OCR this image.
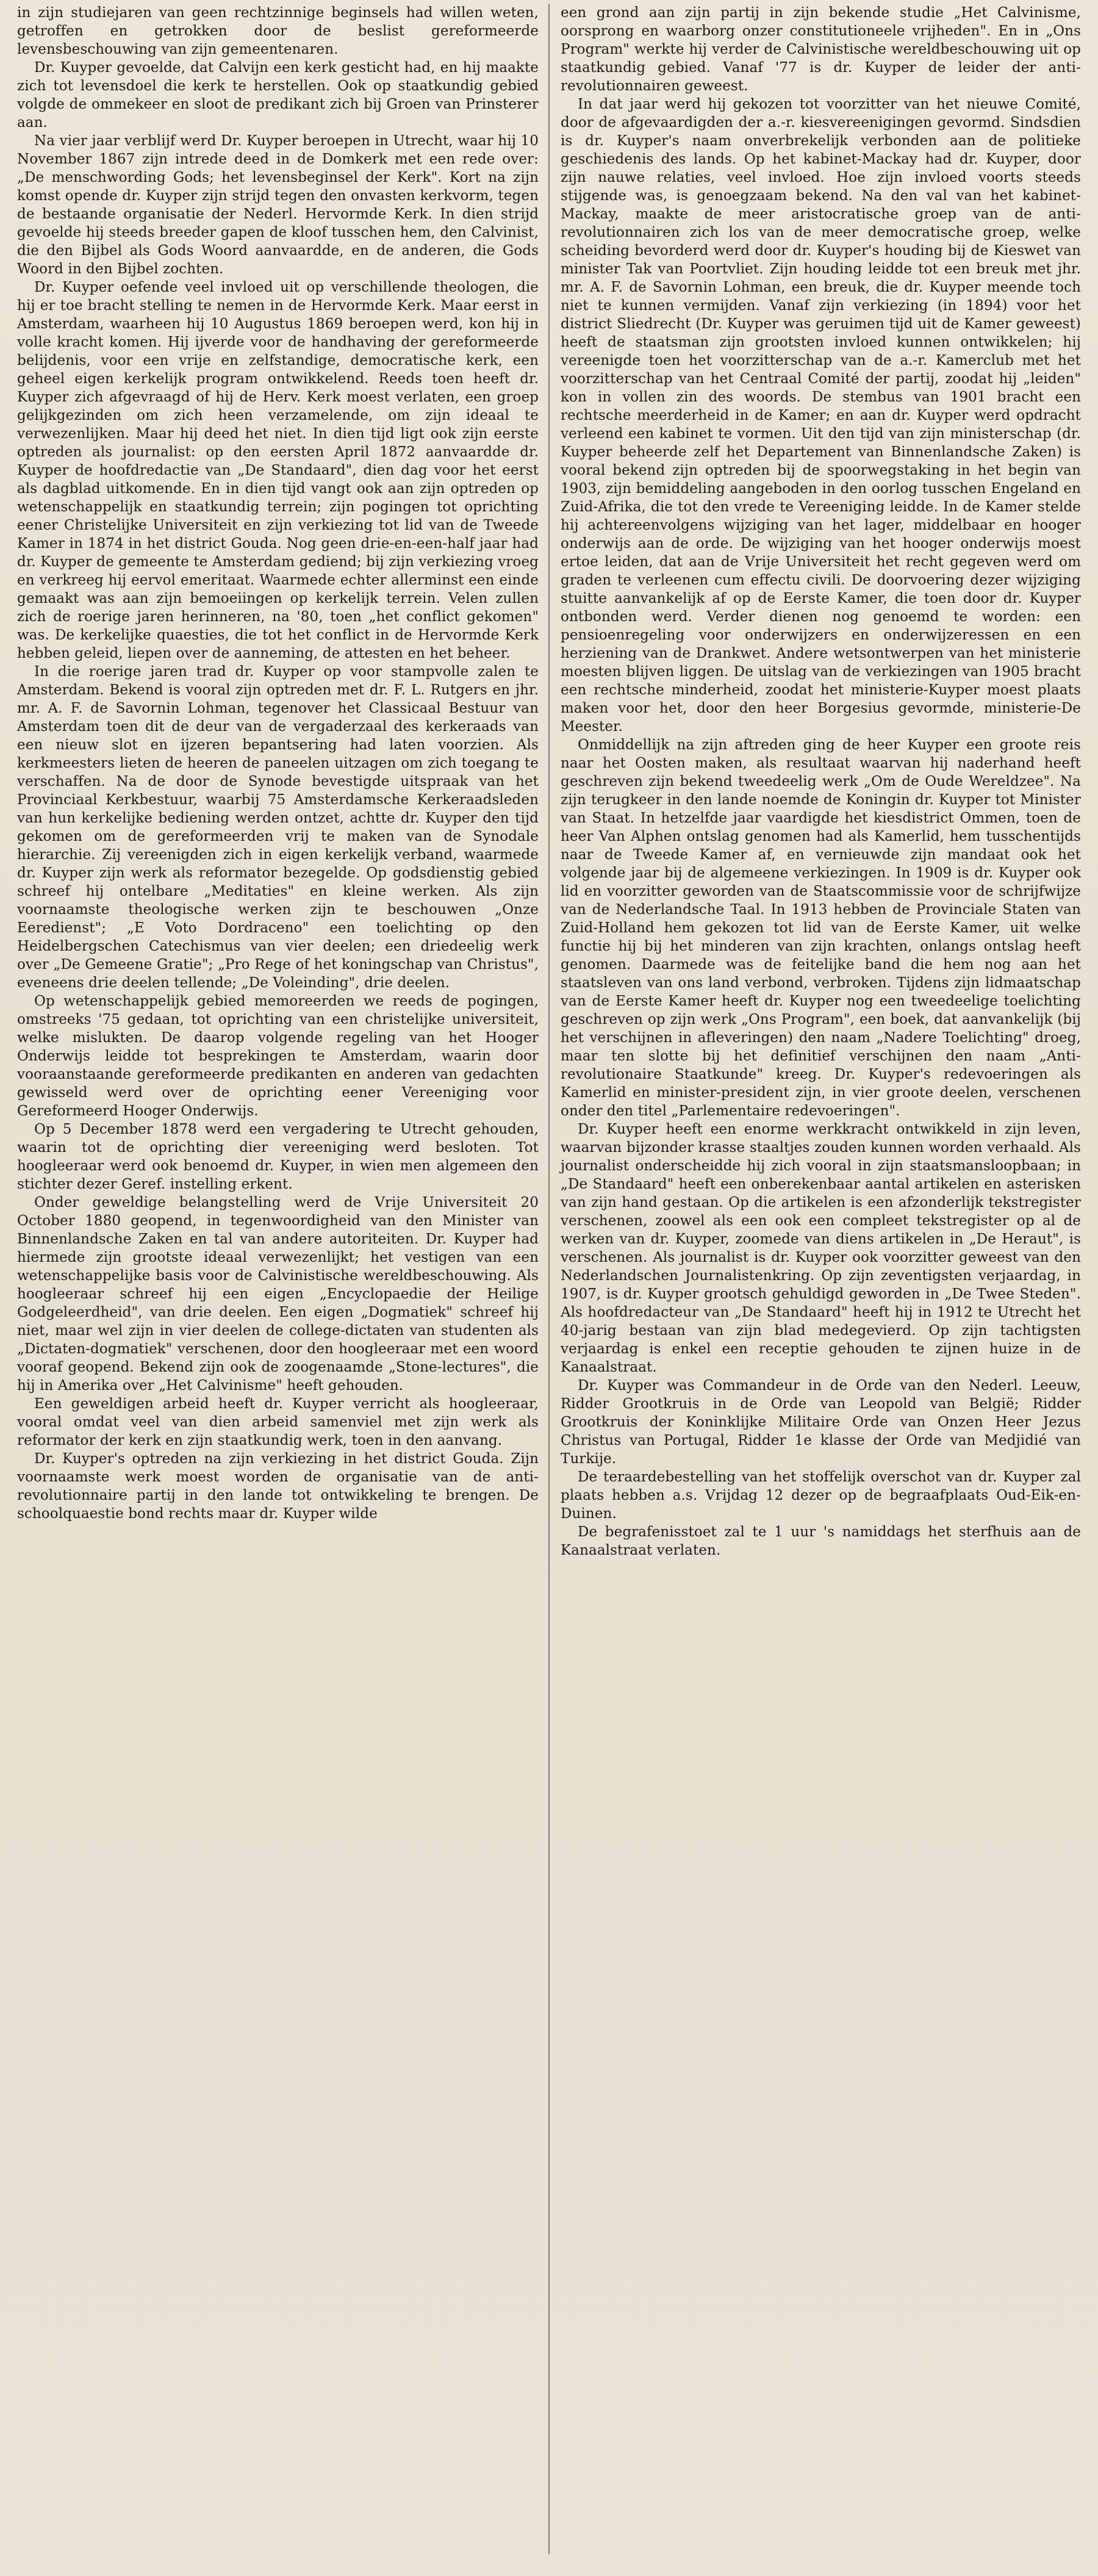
in zijn studiejaren van geen rechtzinnige beginsels had willen weten, getroffen en getrokken door de beslist gereformeerde levensbeschouwing van zijn gemeentenaren.

Dr. Kuyper gevoelde, dat Calvijn een kerk gesticht had, en hij maakte zich tot levensdoel die kerk te herstellen. Ook op staatkundig gebied volgde de ommekeer en sloot de predikant zich bij Groen van Prinsterer aan.

Na vier jaar verblijf werd Dr. Kuyper beroepen in Utrecht, waar hij 10 November 1867 zijn intrede deed in de Domkerk met een rede over: „De menschwording Gods; het levensbeginsel der Kerk". Kort na zijn komst opende dr. Kuyper zijn strijd tegen den onvasten kerkvorm, tegen de bestaande organisatie der Nederl. Hervormde Kerk. In dien strijd gevoelde hij steeds breeder gapen de kloof tusschen hem, den Calvinist, die den Bijbel als Gods Woord aanvaardde, en de anderen, die Gods Woord in den Bijbel zochten.

Dr. Kuyper oefende veel invloed uit op verschillende theologen, die hij er toe bracht stelling te nemen in de Hervormde Kerk. Maar eerst in Amsterdam, waarheen hij 10 Augustus 1869 beroepen werd, kon hij in volle kracht komen. Hij ijverde voor de handhaving der gereformeerde belijdenis, voor een vrije en zelfstandige, democratische kerk, een geheel eigen kerkelijk program ontwikkelend. Reeds toen heeft dr. Kuyper zich afgevraagd of hij de Herv. Kerk moest verlaten, een groep gelijkgezinden om zich heen verzamelende, om zijn ideaal te verwezenlijken. Maar hij deed het niet. In dien tijd ligt ook zijn eerste optreden als journalist: op den eersten April 1872 aanvaardde dr. Kuyper de hoofdredactie van „De Standaard", dien dag voor het eerst als dagblad uitkomende. En in dien tijd vangt ook aan zijn optreden op wetenschappelijk en staatkundig terrein; zijn pogingen tot oprichting eener Christelijke Universiteit en zijn verkiezing tot lid van de Tweede Kamer in 1874 in het district Gouda. Nog geen drie-en-een-half jaar had dr. Kuyper de gemeente te Amsterdam gediend; bij zijn verkiezing vroeg en verkreeg hij eervol emeritaat. Waarmede echter allerminst een einde gemaakt was aan zijn bemoeiingen op kerkelijk terrein. Velen zullen zich de roerige jaren herinneren, na '80, toen „het conflict gekomen" was. De kerkelijke quaesties, die tot het conflict in de Hervormde Kerk hebben geleid, liepen over de aanneming, de attesten en het beheer.

In die roerige jaren trad dr. Kuyper op voor stampvolle zalen te Amsterdam. Bekend is vooral zijn optreden met dr. F. L. Rutgers en jhr. mr. A. F. de Savornin Lohman, tegenover het Classicaal Bestuur van Amsterdam toen dit de deur van de vergaderzaal des kerkeraads van een nieuw slot en ijzeren bepantsering had laten voorzien. Als kerkmeesters lieten de heeren de paneelen uitzagen om zich toegang te verschaffen. Na de door de Synode bevestigde uitspraak van het Provinciaal Kerkbestuur, waarbij 75 Amsterdamsche Kerkeraadsleden van hun kerkelijke bediening werden ontzet, achtte dr. Kuyper den tijd gekomen om de gereformeerden vrij te maken van de Synodale hierarchie. Zij vereenigden zich in eigen kerkelijk verband, waarmede dr. Kuyper zijn werk als reformator bezegelde. Op godsdienstig gebied schreef hij ontelbare „Meditaties" en kleine werken. Als zijn voornaamste theologische werken zijn te beschouwen „Onze Eeredienst"; „E Voto Dordraceno" een toelichting op den Heidelbergschen Catechismus van vier deelen; een driedeelig werk over „De Gemeene Gratie"; „Pro Rege of het koningschap van Christus", eveneens drie deelen tellende; „De Voleinding", drie deelen.

Op wetenschappelijk gebied memoreerden we reeds de pogingen, omstreeks '75 gedaan, tot oprichting van een christelijke universiteit, welke mislukten. De daarop volgende regeling van het Hooger Onderwijs leidde tot besprekingen te Amsterdam, waarin door vooraanstaande gereformeerde predikanten en anderen van gedachten gewisseld werd over de oprichting eener Vereeniging voor Gereformeerd Hooger Onderwijs.

Op 5 December 1878 werd een vergadering te Utrecht gehouden, waarin tot de oprichting dier vereeniging werd besloten. Tot hoogleeraar werd ook benoemd dr. Kuyper, in wien men algemeen den stichter dezer Geref. instelling erkent.

Onder geweldige belangstelling werd de Vrije Universiteit 20 October 1880 geopend, in tegenwoordigheid van den Minister van Binnenlandsche Zaken en tal van andere autoriteiten. Dr. Kuyper had hiermede zijn grootste ideaal verwezenlijkt; het vestigen van een wetenschappelijke basis voor de Calvinistische wereldbeschouwing. Als hoogleeraar schreef hij een eigen „Encyclopaedie der Heilige Godgeleerdheid", van drie deelen. Een eigen „Dogmatiek" schreef hij niet, maar wel zijn in vier deelen de college-dictaten van studenten als „Dictaten-dogmatiek" verschenen, door den hoogleeraar met een woord vooraf geopend. Bekend zijn ook de zoogenaamde „Stone-lectures", die hij in Amerika over „Het Calvinisme" heeft gehouden.

Een geweldigen arbeid heeft dr. Kuyper verricht als hoogleeraar, vooral omdat veel van dien arbeid samenviel met zijn werk als reformator der kerk en zijn staatkundig werk, toen in den aanvang.

Dr. Kuyper's optreden na zijn verkiezing in het district Gouda. Zijn voornaamste werk moest worden de organisatie van de anti-revolutionnaire partij in den lande tot ontwikkeling te brengen. De schoolquaestie bond rechts maar dr. Kuyper wilde

een grond aan zijn partij in zijn bekende studie „Het Calvinisme, oorsprong en waarborg onzer constitutioneele vrijheden". En in „Ons Program" werkte hij verder de Calvinistische wereldbeschouwing uit op staatkundig gebied. Vanaf '77 is dr. Kuyper de leider der anti-revolutionnairen geweest.

In dat jaar werd hij gekozen tot voorzitter van het nieuwe Comité, door de afgevaardigden der a.-r. kiesvereenigingen gevormd. Sindsdien is dr. Kuyper's naam onverbrekelijk verbonden aan de politieke geschiedenis des lands. Op het kabinet-Mackay had dr. Kuyper, door zijn nauwe relaties, veel invloed. Hoe zijn invloed voorts steeds stijgende was, is genoegzaam bekend. Na den val van het kabinet-Mackay, maakte de meer aristocratische groep van de anti-revolutionnairen zich los van de meer democratische groep, welke scheiding bevorderd werd door dr. Kuyper's houding bij de Kieswet van minister Tak van Poortvliet. Zijn houding leidde tot een breuk met jhr. mr. A. F. de Savornin Lohman, een breuk, die dr. Kuyper meende toch niet te kunnen vermijden. Vanaf zijn verkiezing (in 1894) voor het district Sliedrecht (Dr. Kuyper was geruimen tijd uit de Kamer geweest) heeft de staatsman zijn grootsten invloed kunnen ontwikkelen; hij vereenigde toen het voorzitterschap van de a.-r. Kamerclub met het voorzitterschap van het Centraal Comité der partij, zoodat hij „leiden" kon in vollen zin des woords. De stembus van 1901 bracht een rechtsche meerderheid in de Kamer; en aan dr. Kuyper werd opdracht verleend een kabinet te vormen. Uit den tijd van zijn ministerschap (dr. Kuyper beheerde zelf het Departement van Binnenlandsche Zaken) is vooral bekend zijn optreden bij de spoorwegstaking in het begin van 1903, zijn bemiddeling aangeboden in den oorlog tusschen Engeland en Zuid-Afrika, die tot den vrede te Vereeniging leidde. In de Kamer stelde hij achtereenvolgens wijziging van het lager, middelbaar en hooger onderwijs aan de orde. De wijziging van het hooger onderwijs moest ertoe leiden, dat aan de Vrije Universiteit het recht gegeven werd om graden te verleenen cum effectu civili. De doorvoering dezer wijziging stuitte aanvankelijk af op de Eerste Kamer, die toen door dr. Kuyper ontbonden werd. Verder dienen nog genoemd te worden: een pensioenregeling voor onderwijzers en onderwijzeressen en een herziening van de Drankwet. Andere wetsontwerpen van het ministerie moesten blijven liggen. De uitslag van de verkiezingen van 1905 bracht een rechtsche minderheid, zoodat het ministerie-Kuyper moest plaats maken voor het, door den heer Borgesius gevormde, ministerie-De Meester.

Onmiddellijk na zijn aftreden ging de heer Kuyper een groote reis naar het Oosten maken, als resultaat waarvan hij naderhand heeft geschreven zijn bekend tweedeelig werk „Om de Oude Wereldzee". Na zijn terugkeer in den lande noemde de Koningin dr. Kuyper tot Minister van Staat. In hetzelfde jaar vaardigde het kiesdistrict Ommen, toen de heer Van Alphen ontslag genomen had als Kamerlid, hem tusschentijds naar de Tweede Kamer af, en vernieuwde zijn mandaat ook het volgende jaar bij de algemeene verkiezingen. In 1909 is dr. Kuyper ook lid en voorzitter geworden van de Staatscommissie voor de schrijfwijze van de Nederlandsche Taal. In 1913 hebben de Provinciale Staten van Zuid-Holland hem gekozen tot lid van de Eerste Kamer, uit welke functie hij bij het minderen van zijn krachten, onlangs ontslag heeft genomen. Daarmede was de feitelijke band die hem nog aan het staatsleven van ons land verbond, verbroken. Tijdens zijn lidmaatschap van de Eerste Kamer heeft dr. Kuyper nog een tweedeelige toelichting geschreven op zijn werk „Ons Program", een boek, dat aanvankelijk (bij het verschijnen in afleveringen) den naam „Nadere Toelichting" droeg, maar ten slotte bij het definitief verschijnen den naam „Anti-revolutionaire Staatkunde" kreeg. Dr. Kuyper's redevoeringen als Kamerlid en minister-president zijn, in vier groote deelen, verschenen onder den titel „Parlementaire redevoeringen".

Dr. Kuyper heeft een enorme werkkracht ontwikkeld in zijn leven, waarvan bijzonder krasse staaltjes zouden kunnen worden verhaald. Als journalist onderscheidde hij zich vooral in zijn staatsmansloopbaan; in „De Standaard" heeft een onberekenbaar aantal artikelen en asterisken van zijn hand gestaan. Op die artikelen is een afzonderlijk tekstregister verschenen, zoowel als een ook een compleet tekstregister op al de werken van dr. Kuyper, zoomede van diens artikelen in „De Heraut", is verschenen. Als journalist is dr. Kuyper ook voorzitter geweest van den Nederlandschen Journalistenkring. Op zijn zeventigsten verjaardag, in 1907, is dr. Kuyper grootsch gehuldigd geworden in „De Twee Steden". Als hoofdredacteur van „De Standaard" heeft hij in 1912 te Utrecht het 40-jarig bestaan van zijn blad medegevierd. Op zijn tachtigsten verjaardag is enkel een receptie gehouden te zijnen huize in de Kanaalstraat.

Dr. Kuyper was Commandeur in de Orde van den Nederl. Leeuw, Ridder Grootkruis in de Orde van Leopold van België; Ridder Grootkruis der Koninklijke Militaire Orde van Onzen Heer Jezus Christus van Portugal, Ridder 1e klasse der Orde van Medjidié van Turkije.

De teraardebestelling van het stoffelijk overschot van dr. Kuyper zal plaats hebben a.s. Vrijdag 12 dezer op de begraafplaats Oud-Eik-en-Duinen.

De begrafenisstoet zal te 1 uur 's namiddags het sterfhuis aan de Kanaalstraat verlaten.
